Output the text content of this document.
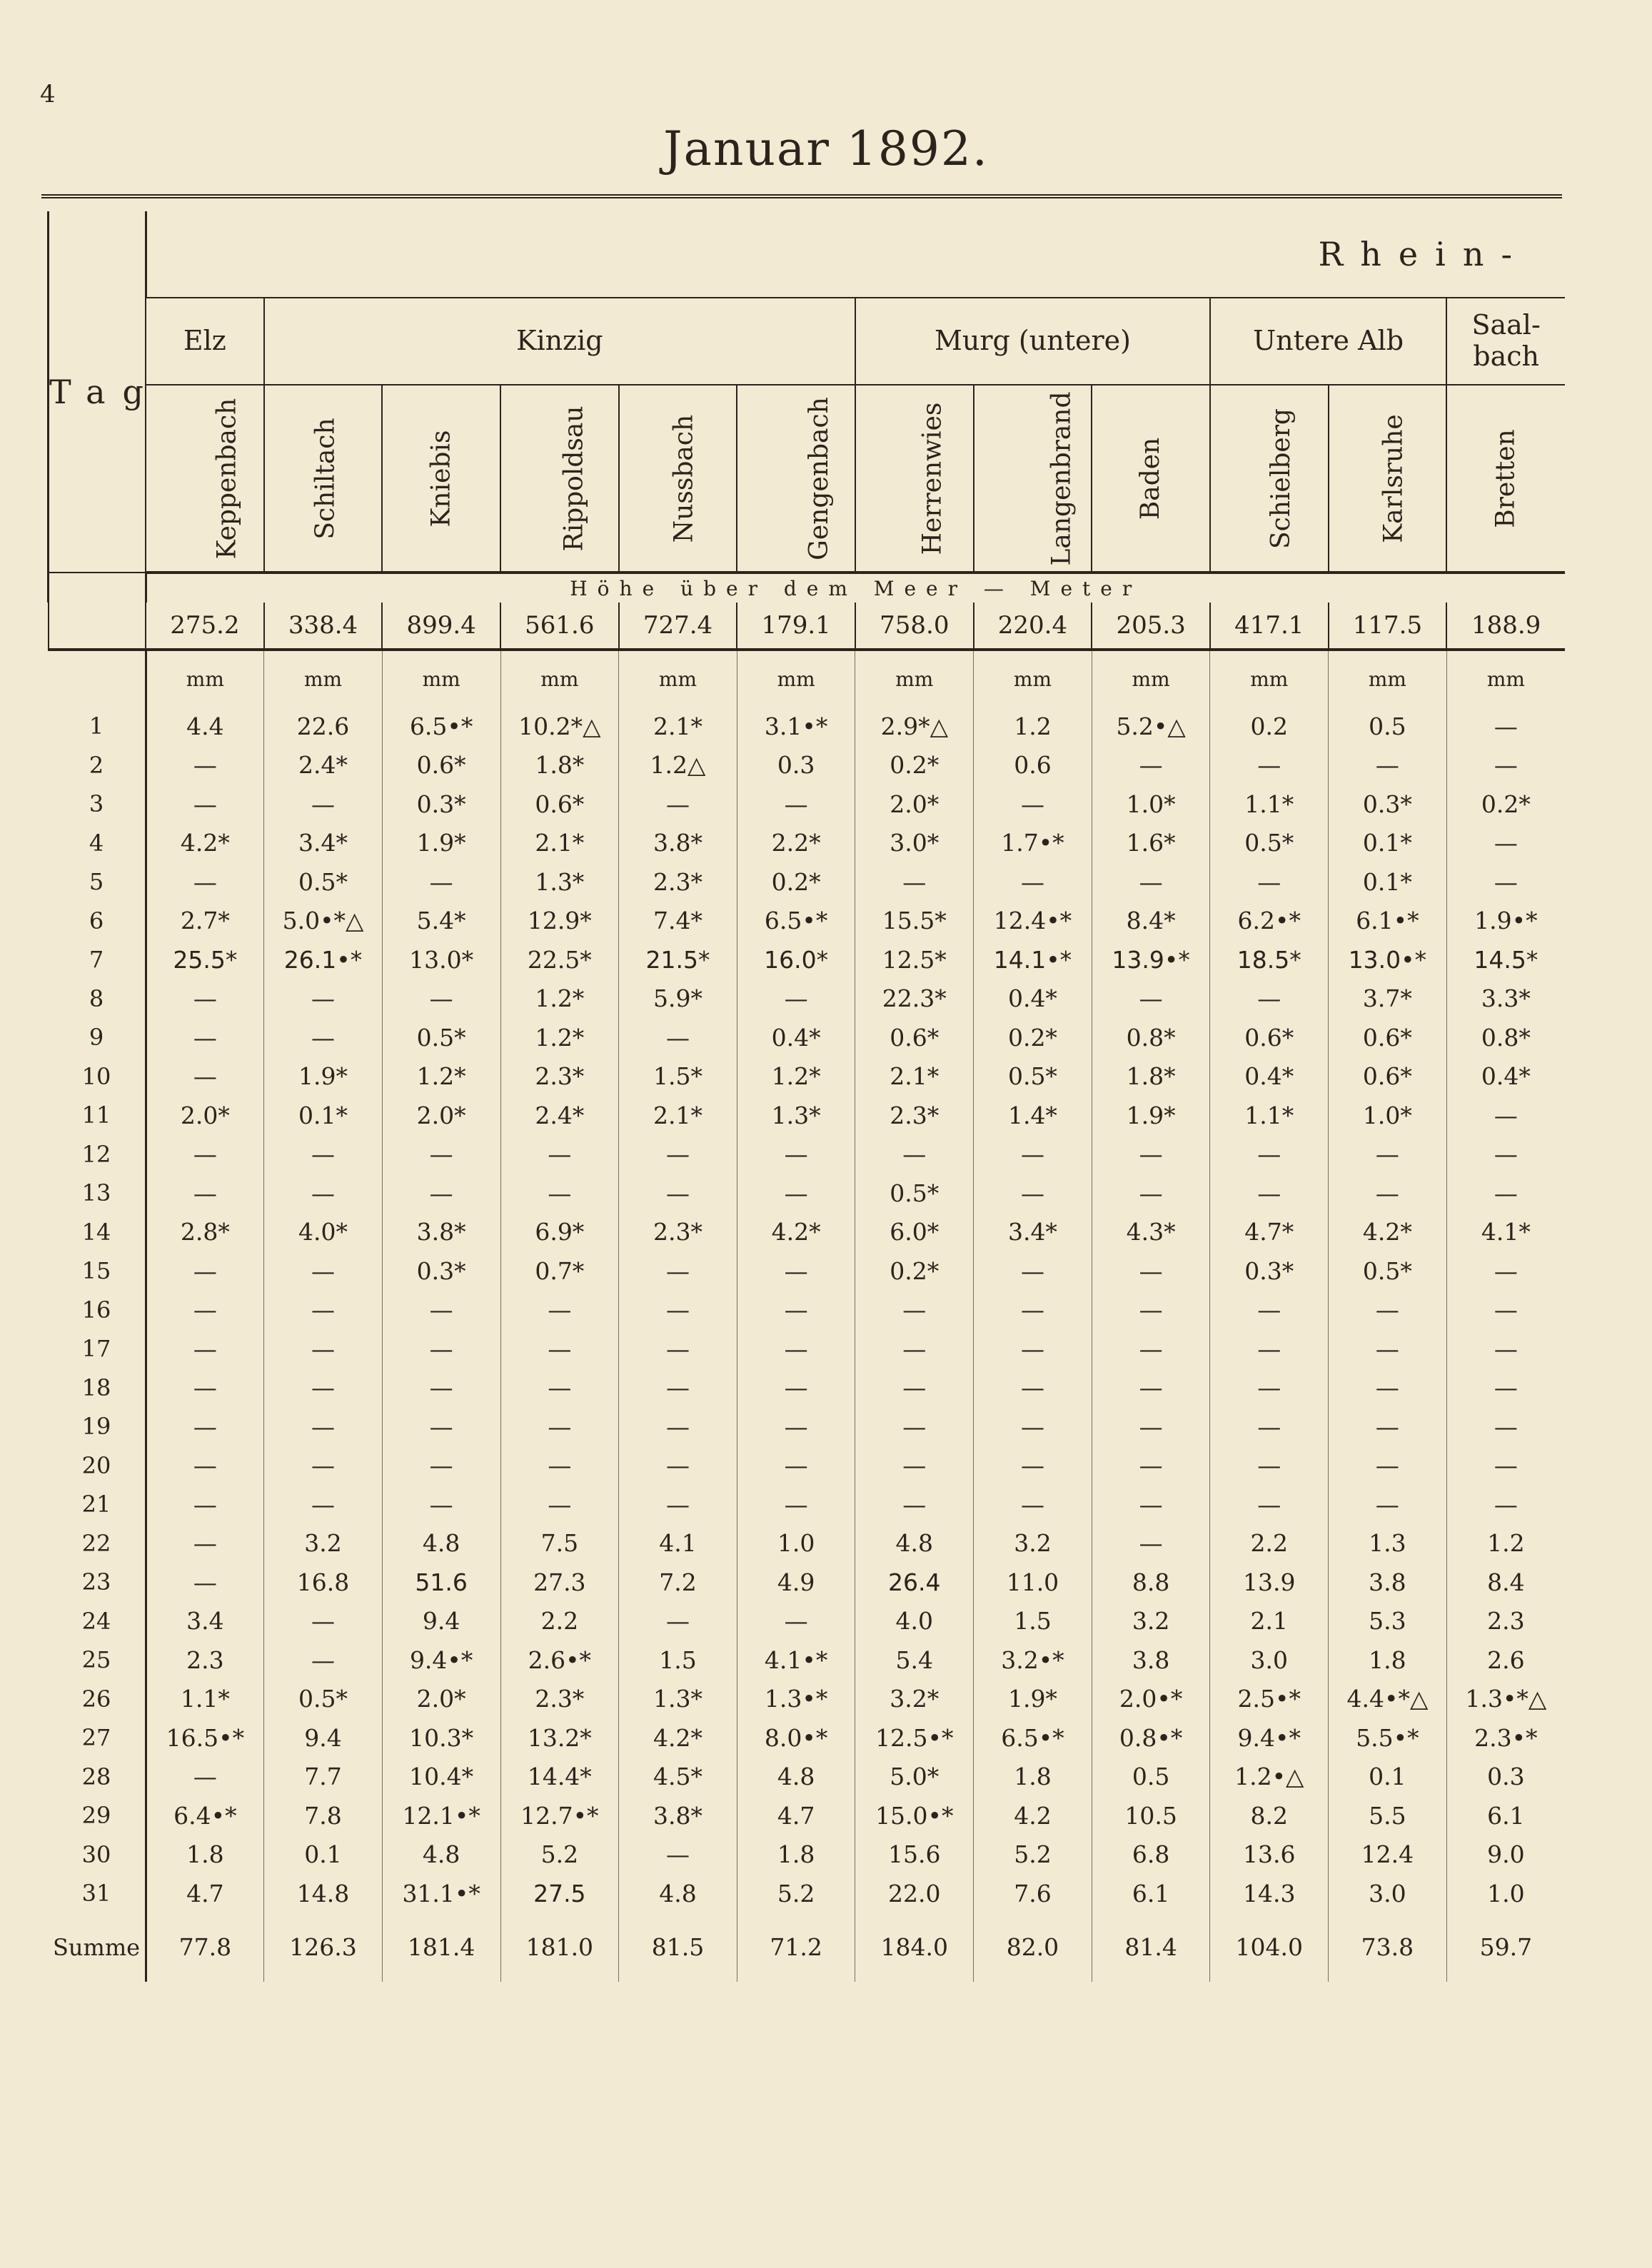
4
Januar 1892.
Tag	Rhein-											
	Elz	Kinzig					Murg (untere)			Untere Alb		Saal-
bach
	Keppenbach	Schiltach	Kniebis	Rippoldsau	Nussbach	Gengenbach	Herrenwies	Langenbrand	Baden	Schielberg	Karlsruhe	Bretten
	Höhe über dem Meer — Meter											
	275.2	338.4	899.4	561.6	727.4	179.1	758.0	220.4	205.3	417.1	117.5	188.9
	mm	mm	mm	mm	mm	mm	mm	mm	mm	mm	mm	mm
1	4.4	22.6	6.5•*	10.2*△	2.1*	3.1•*	2.9*△	1.2	5.2•△	0.2	0.5	—
2	—	2.4*	0.6*	1.8*	1.2△	0.3	0.2*	0.6	—	—	—	—
3	—	—	0.3*	0.6*	—	—	2.0*	—	1.0*	1.1*	0.3*	0.2*
4	4.2*	3.4*	1.9*	2.1*	3.8*	2.2*	3.0*	1.7•*	1.6*	0.5*	0.1*	—
5	—	0.5*	—	1.3*	2.3*	0.2*	—	—	—	—	0.1*	—
6	2.7*	5.0•*△	5.4*	12.9*	7.4*	6.5•*	15.5*	12.4•*	8.4*	6.2•*	6.1•*	1.9•*
7	25.5*	26.1•*	13.0*	22.5*	21.5*	16.0*	12.5*	14.1•*	13.9•*	18.5*	13.0•*	14.5*
8	—	—	—	1.2*	5.9*	—	22.3*	0.4*	—	—	3.7*	3.3*
9	—	—	0.5*	1.2*	—	0.4*	0.6*	0.2*	0.8*	0.6*	0.6*	0.8*
10	—	1.9*	1.2*	2.3*	1.5*	1.2*	2.1*	0.5*	1.8*	0.4*	0.6*	0.4*
11	2.0*	0.1*	2.0*	2.4*	2.1*	1.3*	2.3*	1.4*	1.9*	1.1*	1.0*	—
12	—	—	—	—	—	—	—	—	—	—	—	—
13	—	—	—	—	—	—	0.5*	—	—	—	—	—
14	2.8*	4.0*	3.8*	6.9*	2.3*	4.2*	6.0*	3.4*	4.3*	4.7*	4.2*	4.1*
15	—	—	0.3*	0.7*	—	—	0.2*	—	—	0.3*	0.5*	—
16	—	—	—	—	—	—	—	—	—	—	—	—
17	—	—	—	—	—	—	—	—	—	—	—	—
18	—	—	—	—	—	—	—	—	—	—	—	—
19	—	—	—	—	—	—	—	—	—	—	—	—
20	—	—	—	—	—	—	—	—	—	—	—	—
21	—	—	—	—	—	—	—	—	—	—	—	—
22	—	3.2	4.8	7.5	4.1	1.0	4.8	3.2	—	2.2	1.3	1.2
23	—	16.8	51.6	27.3	7.2	4.9	26.4	11.0	8.8	13.9	3.8	8.4
24	3.4	—	9.4	2.2	—	—	4.0	1.5	3.2	2.1	5.3	2.3
25	2.3	—	9.4•*	2.6•*	1.5	4.1•*	5.4	3.2•*	3.8	3.0	1.8	2.6
26	1.1*	0.5*	2.0*	2.3*	1.3*	1.3•*	3.2*	1.9*	2.0•*	2.5•*	4.4•*△	1.3•*△
27	16.5•*	9.4	10.3*	13.2*	4.2*	8.0•*	12.5•*	6.5•*	0.8•*	9.4•*	5.5•*	2.3•*
28	—	7.7	10.4*	14.4*	4.5*	4.8	5.0*	1.8	0.5	1.2•△	0.1	0.3
29	6.4•*	7.8	12.1•*	12.7•*	3.8*	4.7	15.0•*	4.2	10.5	8.2	5.5	6.1
30	1.8	0.1	4.8	5.2	—	1.8	15.6	5.2	6.8	13.6	12.4	9.0
31	4.7	14.8	31.1•*	27.5	4.8	5.2	22.0	7.6	6.1	14.3	3.0	1.0
Summe	77.8	126.3	181.4	181.0	81.5	71.2	184.0	82.0	81.4	104.0	73.8	59.7
